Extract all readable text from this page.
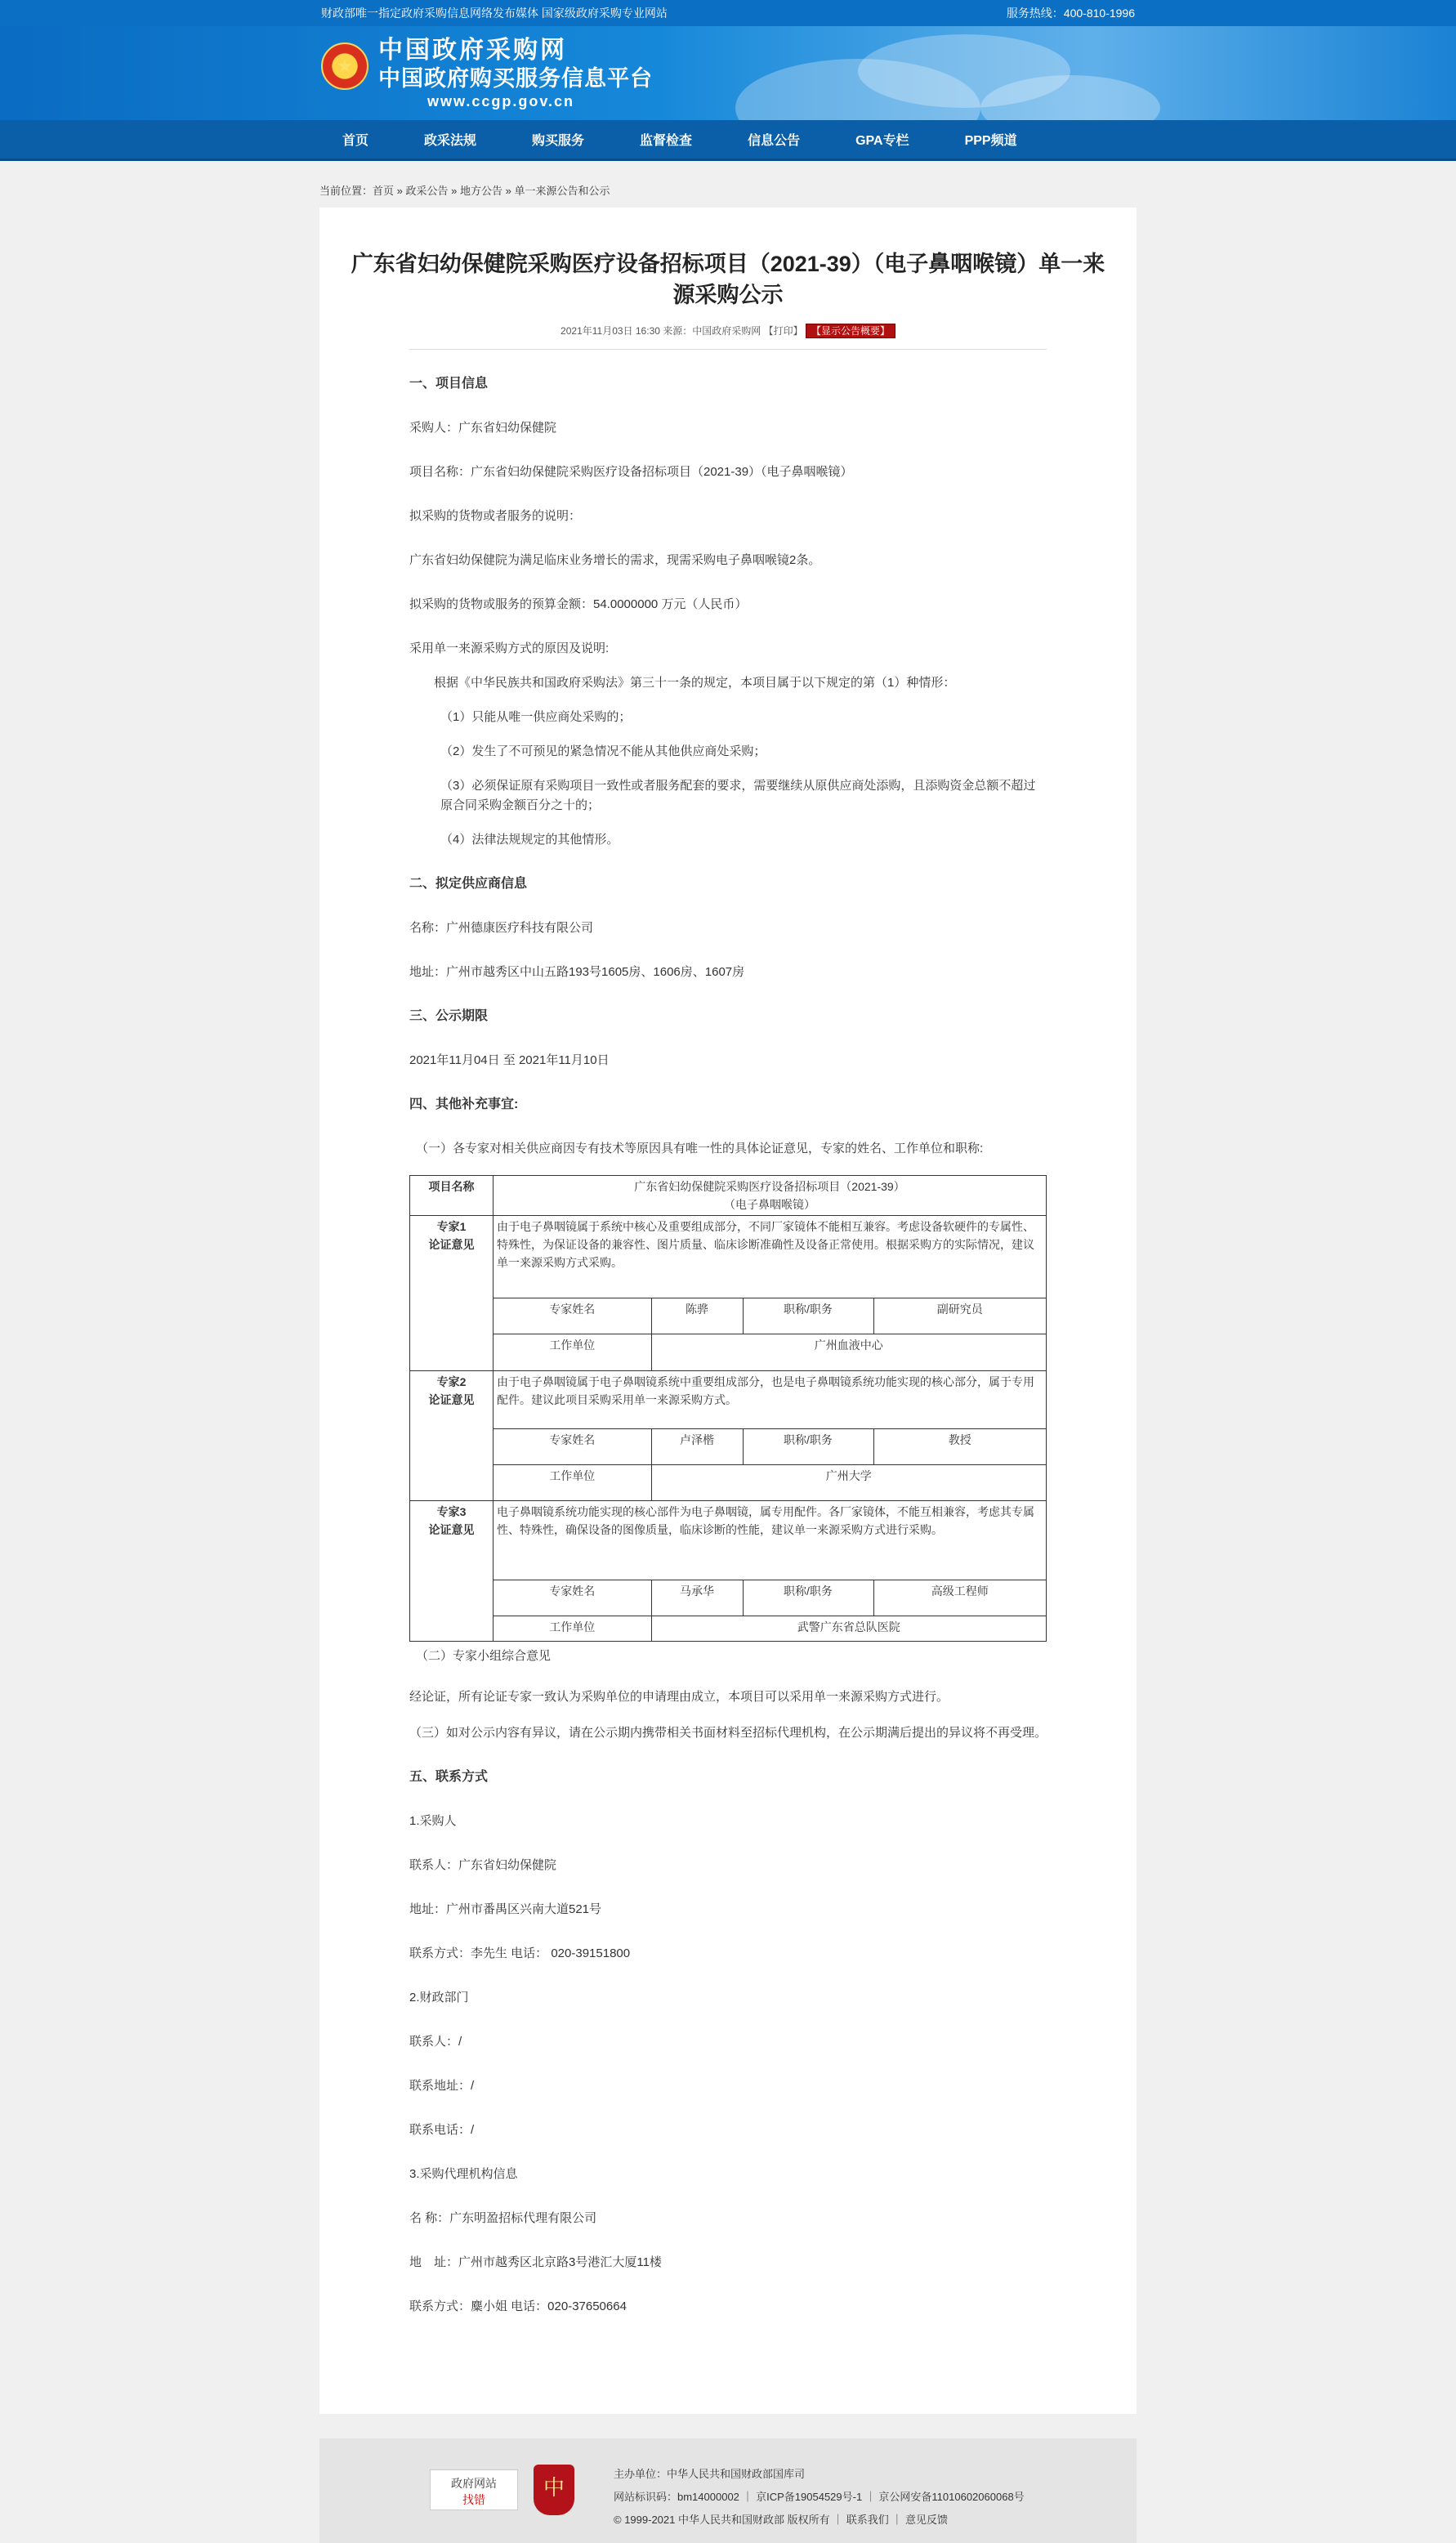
财政部唯一指定政府采购信息网络发布媒体 国家级政府采购专业网站	服务热线：400-810-1996
★
中国政府采购网
中国政府购买服务信息平台
www.ccgp.gov.cn
首页	政采法规	购买服务	监督检查	信息公告	GPA专栏	PPP频道
当前位置：首页 » 政采公告 » 地方公告 » 单一来源公告和公示
广东省妇幼保健院采购医疗设备招标项目（2021-39）（电子鼻咽喉镜）单一来源采购公示
2021年11月03日 16:30 来源：中国政府采购网 【打印】 【显示公告概要】
一、项目信息

采购人：广东省妇幼保健院

项目名称：广东省妇幼保健院采购医疗设备招标项目（2021-39）（电子鼻咽喉镜）

拟采购的货物或者服务的说明：

广东省妇幼保健院为满足临床业务增长的需求，现需采购电子鼻咽喉镜2条。

拟采购的货物或服务的预算金额：54.0000000 万元（人民币）

采用单一来源采购方式的原因及说明:

根据《中华民族共和国政府采购法》第三十一条的规定，本项目属于以下规定的第（1）种情形：

（1）只能从唯一供应商处采购的；

（2）发生了不可预见的紧急情况不能从其他供应商处采购；

（3）必须保证原有采购项目一致性或者服务配套的要求，需要继续从原供应商处添购，且添购资金总额不超过原合同采购金额百分之十的；

（4）法律法规规定的其他情形。

二、拟定供应商信息

名称：广州德康医疗科技有限公司

地址：广州市越秀区中山五路193号1605房、1606房、1607房

三、公示期限

2021年11月04日 至 2021年11月10日

四、其他补充事宜:

（一）各专家对相关供应商因专有技术等原因具有唯一性的具体论证意见，专家的姓名、工作单位和职称:

项目名称	广东省妇幼保健院采购医疗设备招标项目（2021-39）
（电子鼻咽喉镜）

专家1
论证意见

由于电子鼻咽镜属于系统中核心及重要组成部分，不同厂家镜体不能相互兼容。考虑设备软硬件的专属性、特殊性，为保证设备的兼容性、图片质量、临床诊断准确性及设备正常使用。根据采购方的实际情况，建议单一来源采购方式采购。
专家姓名	陈骅	职称/职务	副研究员
工作单位	广州血液中心

专家2
论证意见

由于电子鼻咽镜属于电子鼻咽镜系统中重要组成部分，也是电子鼻咽镜系统功能实现的核心部分，属于专用配件。建议此项目采购采用单一来源采购方式。
专家姓名	卢泽楷	职称/职务	教授
工作单位	广州大学

专家3
论证意见

电子鼻咽镜系统功能实现的核心部件为电子鼻咽镜，属专用配件。各厂家镜体，不能互相兼容，考虑其专属性、特殊性，确保设备的图像质量，临床诊断的性能，建议单一来源采购方式进行采购。
专家姓名	马承华	职称/职务	高级工程师
工作单位	武警广东省总队医院

（二）专家小组综合意见

经论证，所有论证专家一致认为采购单位的申请理由成立，本项目可以采用单一来源采购方式进行。

（三）如对公示内容有异议，请在公示期内携带相关书面材料至招标代理机构，在公示期满后提出的异议将不再受理。

五、联系方式

1.采购人

联系人：广东省妇幼保健院

地址：广州市番禺区兴南大道521号

联系方式：李先生 电话： 020-39151800

2.财政部门

联系人：/

联系地址：/

联系电话：/

3.采购代理机构信息

名 称：广东明盈招标代理有限公司

地　址：广州市越秀区北京路3号港汇大厦11楼

联系方式：麋小姐 电话：020-37650664

政府网站
找错	中
主办单位：中华人民共和国财政部国库司
网站标识码：bm14000002 ｜ 京ICP备19054529号-1 ｜ 京公网安备11010602060068号
© 1999-2021 中华人民共和国财政部 版权所有 ｜ 联系我们 ｜ 意见反馈
